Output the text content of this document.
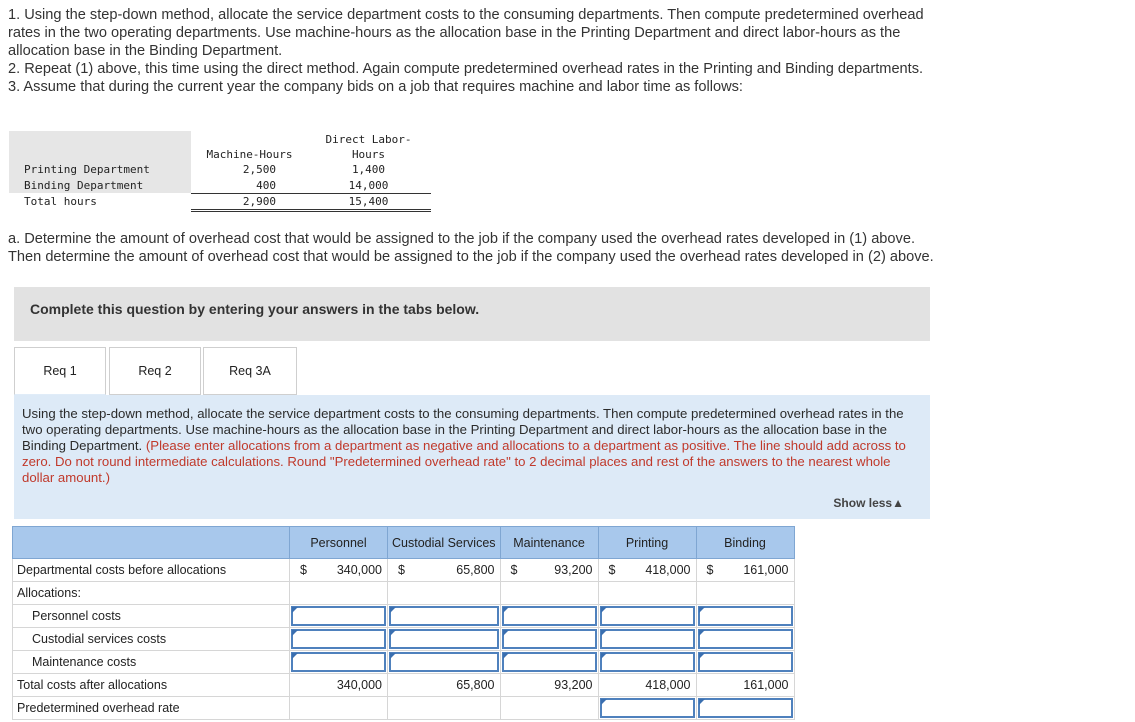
1. Using the step-down method, allocate the service department costs to the consuming departments. Then compute predetermined overhead rates in the two operating departments. Use machine-hours as the allocation base in the Printing Department and direct labor-hours as the allocation base in the Binding Department.

2. Repeat (1) above, this time using the direct method. Again compute predetermined overhead rates in the Printing and Binding departments.

3. Assume that during the current year the company bids on a job that requires machine and labor time as follows:

		Direct Labor-
	Machine-Hours	Hours
Printing Department	2,500	1,400
Binding Department	400	14,000
Total hours	2,900	15,400

a. Determine the amount of overhead cost that would be assigned to the job if the company used the overhead rates developed in (1) above. Then determine the amount of overhead cost that would be assigned to the job if the company used the overhead rates developed in (2) above.

Complete this question by entering your answers in the tabs below.
Req 1	Req 2	Req 3A
Using the step-down method, allocate the service department costs to the consuming departments. Then compute predetermined overhead rates in the two operating departments. Use machine-hours as the allocation base in the Printing Department and direct labor-hours as the allocation base in the Binding Department. (Please enter allocations from a department as negative and allocations to a department as positive. The line should add across to zero. Do not round intermediate calculations. Round "Predetermined overhead rate" to 2 decimal places and rest of the answers to the nearest whole dollar amount.)
Show less▲
	Personnel	Custodial Services	Maintenance	Printing	Binding
Departmental costs before allocations	$ 340,000	$ 65,800	$ 93,200	$ 418,000	$ 161,000

Allocations:					
Personnel costs	

Custodial services costs	

Maintenance costs	

Total costs after allocations	340,000	65,800	93,200	418,000	161,000

Predetermined overhead rate				
